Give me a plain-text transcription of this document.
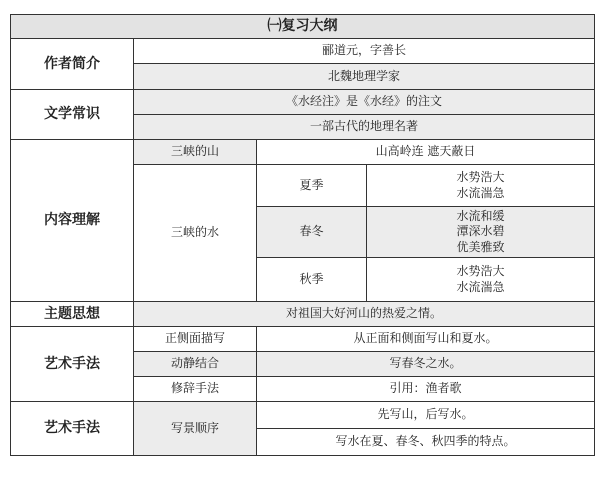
㈠复习大纲			
作者简介	郦道元，字善长		
	北魏地理学家		
文学常识	《水经注》是《水经》的注文		
	一部古代的地理名著		
内容理解	三峡的山	山高岭连 遮天蔽日	
	三峡的水	夏季	水势浩大
水流湍急

		春冬	水流和缓
潭深水碧
优美雅致

		秋季	水势浩大
水流湍急

主题思想	对祖国大好河山的热爱之情。		
艺术手法	正侧面描写	从正面和侧面写山和夏水。	
	动静结合	写春冬之水。	
	修辞手法	引用：渔者歌	
艺术手法	写景顺序	先写山，后写水。	
		写水在夏、春冬、秋四季的特点。	
